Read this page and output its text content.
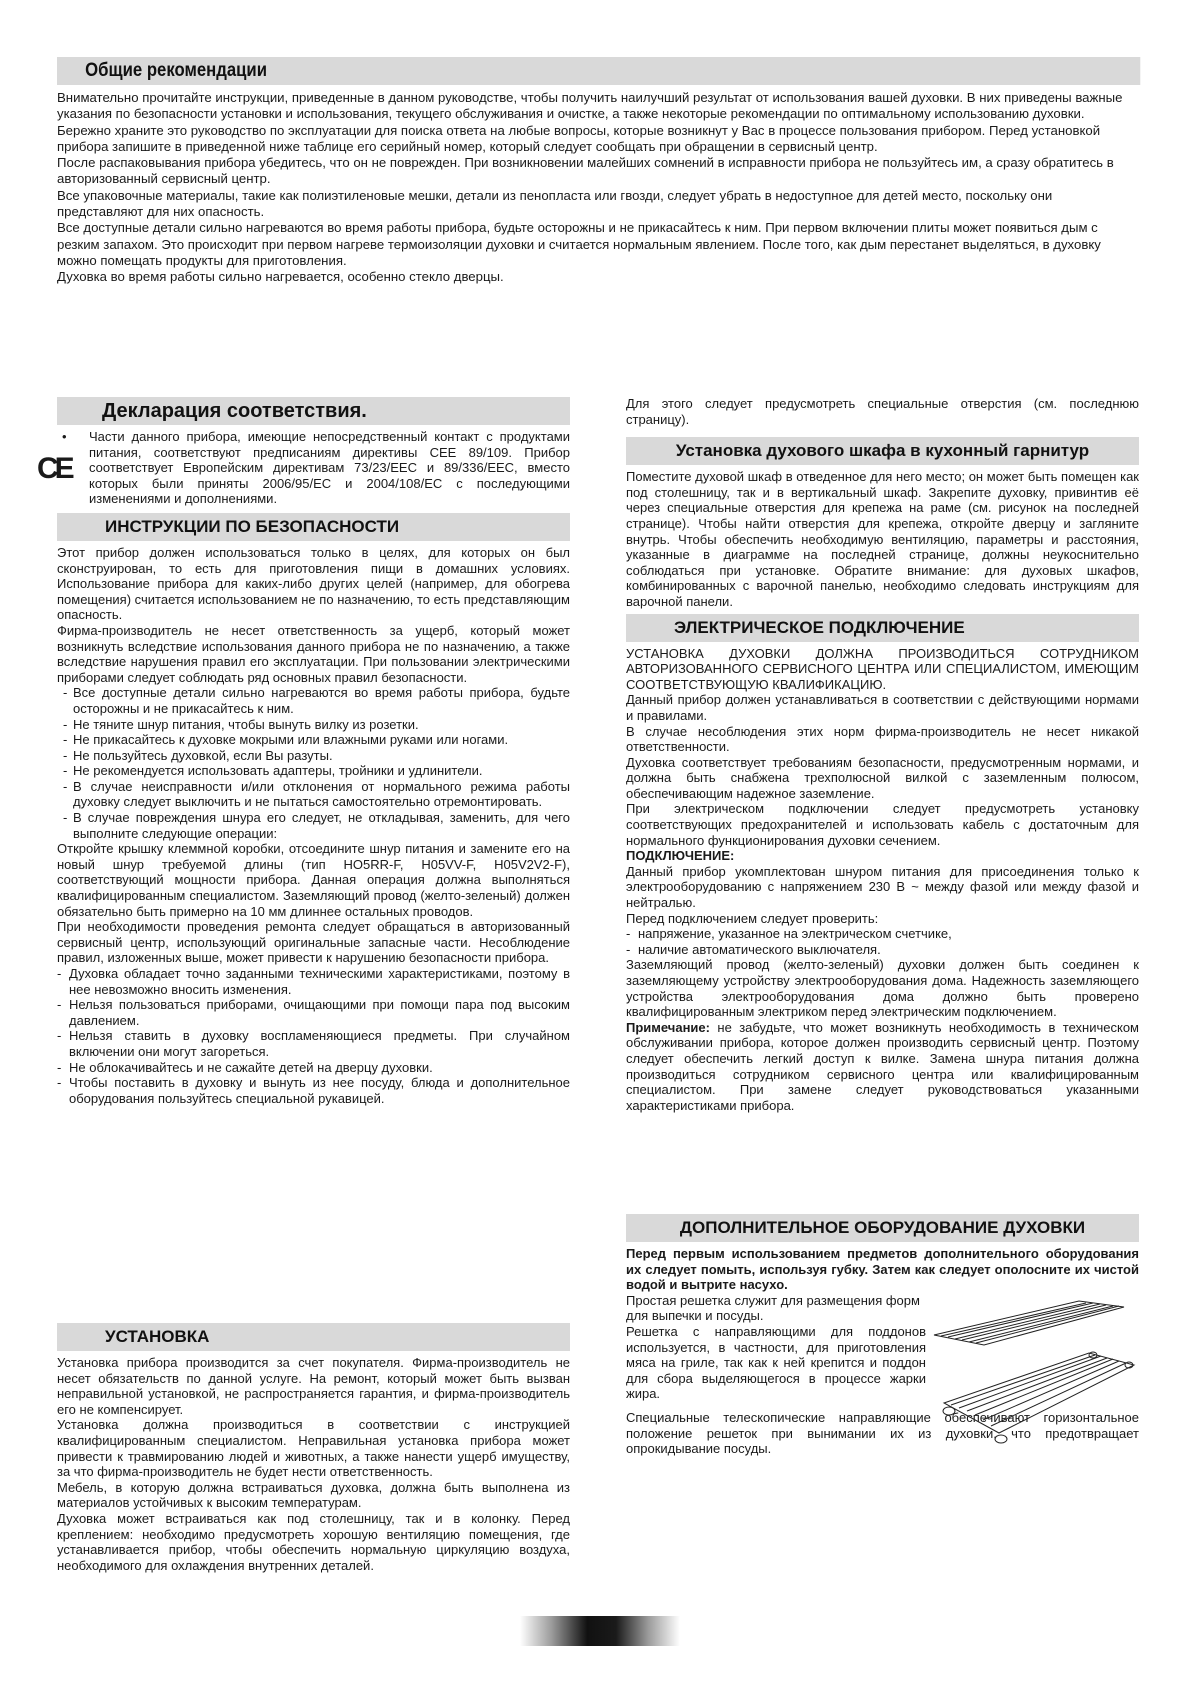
Общие рекомендации

Внимательно прочитайте инструкции, приведенные в данном руководстве, чтобы получить наилучший результат от использования вашей духовки. В них приведены важные указания по безопасности установки и использования, текущего обслуживания и очистке, а также некоторые рекомендации по оптимальному использованию духовки. Бережно храните это руководство по эксплуатации для поиска ответа на любые вопросы, которые возникнут у Вас в процессе пользования прибором. Перед установкой прибора запишите в приведенной ниже таблице его серийный номер, который следует сообщать при обращении в сервисный центр.

После распаковывания прибора убедитесь, что он не поврежден. При возникновении малейших сомнений в исправности прибора не пользуйтесь им, а сразу обратитесь в авторизованный сервисный центр.

Все упаковочные материалы, такие как полиэтиленовые мешки, детали из пенопласта или гвозди, следует убрать в недоступное для детей место, поскольку они представляют для них опасность.

Все доступные детали сильно нагреваются во время работы прибора, будьте осторожны и не прикасайтесь к ним. При первом включении плиты может появиться дым с резким запахом. Это происходит при первом нагреве термоизоляции духовки и считается нормальным явлением. После того, как дым перестанет выделяться, в духовку можно помещать продукты для приготовления.

Духовка во время работы сильно нагревается, особенно стекло дверцы.

Декларация соответствия.
•
CE

Части данного прибора, имеющие непосредственный контакт с продуктами питания, соответствуют предписаниям директивы CEE 89/109. Прибор соответствует Европейским директивам 73/23/EEC и 89/336/EEC, вместо которых были приняты 2006/95/EC и 2004/108/EC с последующими изменениями и дополнениями.

ИНСТРУКЦИИ ПО БЕЗОПАСНОСТИ

Этот прибор должен использоваться только в целях, для которых он был сконструирован, то есть для приготовления пищи в домашних условиях. Использование прибора для каких-либо других целей (например, для обогрева помещения) считается использованием не по назначению, то есть представляющим опасность.

Фирма-производитель не несет ответственность за ущерб, который может возникнуть вследствие использования данного прибора не по назначению, а также вследствие нарушения правил его эксплуатации. При пользовании электрическими приборами следует соблюдать ряд основных правил безопасности.

- Все доступные детали сильно нагреваются во время работы прибора, будьте осторожны и не прикасайтесь к ним.
- Не тяните шнур питания, чтобы вынуть вилку из розетки.
- Не прикасайтесь к духовке мокрыми или влажными руками или ногами.
- Не пользуйтесь духовкой, если Вы разуты.
- Не рекомендуется использовать адаптеры, тройники и удлинители.
- В случае неисправности и/или отклонения от нормального режима работы духовку следует выключить и не пытаться самостоятельно отремонтировать.
- В случае повреждения шнура его следует, не откладывая, заменить, для чего выполните следующие операции:

Откройте крышку клеммной коробки, отсоедините шнур питания и замените его на новый шнур требуемой длины (тип HO5RR-F, H05VV-F, H05V2V2-F), соответствующий мощности прибора. Данная операция должна выполняться квалифицированным специалистом. Заземляющий провод (желто-зеленый) должен обязательно быть примерно на 10 мм длиннее остальных проводов.

При необходимости проведения ремонта следует обращаться в авторизованный сервисный центр, использующий оригинальные запасные части. Несоблюдение правил, изложенных выше, может привести к нарушению безопасности прибора.

- Духовка обладает точно заданными техническими характеристиками, поэтому в нее невозможно вносить изменения.
- Нельзя пользоваться приборами, очищающими при помощи пара под высоким давлением.
- Нельзя ставить в духовку воспламеняющиеся предметы. При случайном включении они могут загореться.
- Не облокачивайтесь и не сажайте детей на дверцу духовки.
- Чтобы поставить в духовку и вынуть из нее посуду, блюда и дополнительное оборудования пользуйтесь специальной рукавицей.
УСТАНОВКА

Установка прибора производится за счет покупателя. Фирма-производитель не несет обязательств по данной услуге. На ремонт, который может быть вызван неправильной установкой, не распространяется гарантия, и фирма-производитель его не компенсирует.

Установка должна производиться в соответствии с инструкцией квалифицированным специалистом. Неправильная установка прибора может привести к травмированию людей и животных, а также нанести ущерб имуществу, за что фирма-производитель не будет нести ответственность.

Мебель, в которую должна встраиваться духовка, должна быть выполнена из материалов устойчивых к высоким температурам.

Духовка может встраиваться как под столешницу, так и в колонку. Перед креплением: необходимо предусмотреть хорошую вентиляцию помещения, где устанавливается прибор, чтобы обеспечить нормальную циркуляцию воздуха, необходимого для охлаждения внутренних деталей.

Для этого следует предусмотреть специальные отверстия (см. последнюю страницу).

Установка духового шкафа в кухонный гарнитур

Поместите духовой шкаф в отведенное для него место; он может быть помещен как под столешницу, так и в вертикальный шкаф. Закрепите духовку, привинтив её через специальные отверстия для крепежа на раме (см. рисунок на последней странице). Чтобы найти отверстия для крепежа, откройте дверцу и загляните внутрь. Чтобы обеспечить необходимую вентиляцию, параметры и расстояния, указанные в диаграмме на последней странице, должны неукоснительно соблюдаться при установке. Обратите внимание: для духовых шкафов, комбинированных с варочной панелью, необходимо следовать инструкциям для варочной панели.

ЭЛЕКТРИЧЕСКОЕ ПОДКЛЮЧЕНИЕ

УСТАНОВКА ДУХОВКИ ДОЛЖНА ПРОИЗВОДИТЬСЯ СОТРУДНИКОМ АВТОРИЗОВАННОГО СЕРВИСНОГО ЦЕНТРА ИЛИ СПЕЦИАЛИСТОМ, ИМЕЮЩИМ СООТВЕТСТВУЮЩУЮ КВАЛИФИКАЦИЮ.

Данный прибор должен устанавливаться в соответствии с действующими нормами и правилами.

В случае несоблюдения этих норм фирма-производитель не несет никакой ответственности.

Духовка соответствует требованиям безопасности, предусмотренным нормами, и должна быть снабжена трехполюсной вилкой с заземленным полюсом, обеспечивающим надежное заземление.

При электрическом подключении следует предусмотреть установку соответствующих предохранителей и использовать кабель с достаточным для нормального функционирования духовки сечением.

ПОДКЛЮЧЕНИЕ:

Данный прибор укомплектован шнуром питания для присоединения только к электрооборудованию с напряжением 230 В ~ между фазой или между фазой и нейтралью.

Перед подключением следует проверить:

- напряжение, указанное на электрическом счетчике,
- наличие автоматического выключателя.

Заземляющий провод (желто-зеленый) духовки должен быть соединен к заземляющему устройству электрооборудования дома. Надежность заземляющего устройства электрооборудования дома должно быть проверено квалифицированным электриком перед электрическим подключением.

Примечание: не забудьте, что может возникнуть необходимость в техническом обслуживании прибора, которое должен производить сервисный центр. Поэтому следует обеспечить легкий доступ к вилке. Замена шнура питания должна производиться сотрудником сервисного центра или квалифицированным специалистом. При замене следует руководствоваться указанными характеристиками прибора.

ДОПОЛНИТЕЛЬНОЕ ОБОРУДОВАНИЕ ДУХОВКИ

Перед первым использованием предметов дополнительного оборудования их следует помыть, используя губку. Затем как следует ополосните их чистой водой и вытрите насухо.

Простая решетка служит для размещения форм для выпечки и посуды.

Решетка с направляющими для поддонов используется, в частности, для приготовления мяса на гриле, так как к ней крепится и поддон для сбора выделяющегося в процессе жарки жира.

Специальные телескопические направляющие обеспечивают горизонтальное положение решеток при вынимании их из духовки, что предотвращает опрокидывание посуды.
